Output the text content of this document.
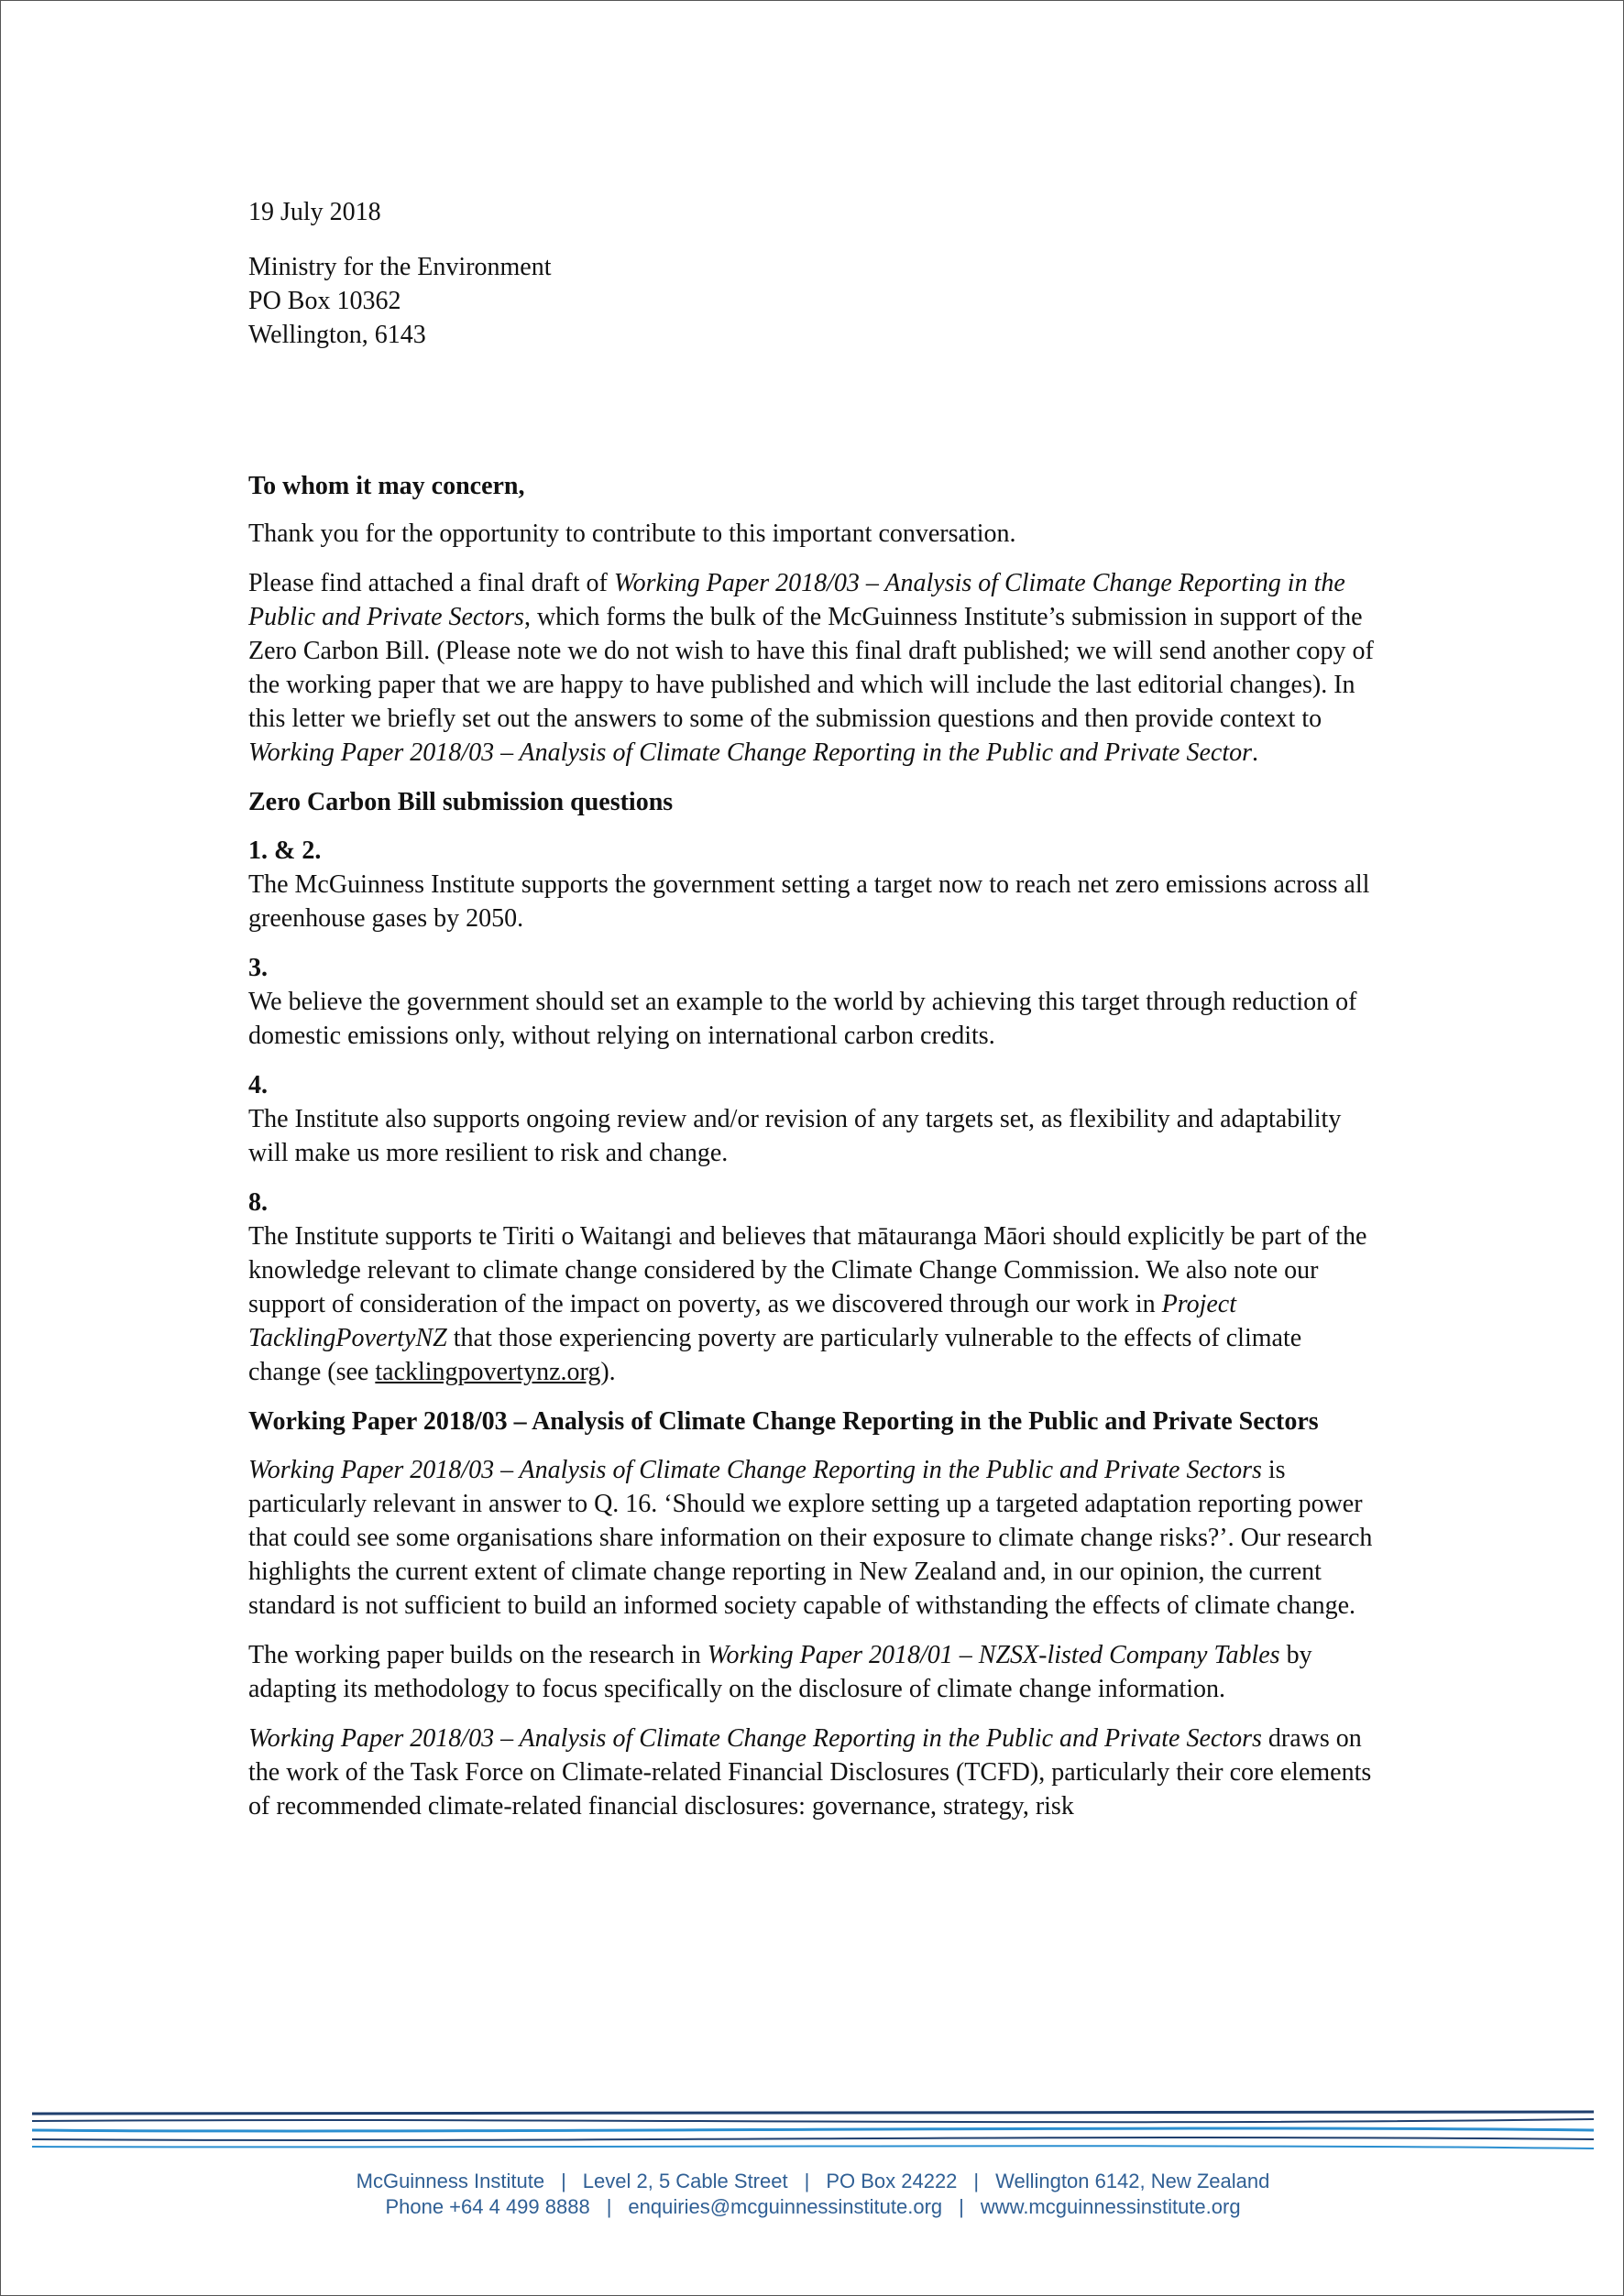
19 July 2018
Ministry for the Environment
PO Box 10362
Wellington, 6143
To whom it may concern,

Thank you for the opportunity to contribute to this important conversation.

Please find attached a final draft of Working Paper 2018/03 – Analysis of Climate Change Reporting in the Public and Private Sectors, which forms the bulk of the McGuinness Institute’s submission in support of the Zero Carbon Bill. (Please note we do not wish to have this final draft published; we will send another copy of the working paper that we are happy to have published and which will include the last editorial changes). In this letter we briefly set out the answers to some of the submission questions and then provide context to Working Paper 2018/03 – Analysis of Climate Change Reporting in the Public and Private Sector.

Zero Carbon Bill submission questions
1. & 2.
The McGuinness Institute supports the government setting a target now to reach net zero emissions across all greenhouse gases by 2050.
3.
We believe the government should set an example to the world by achieving this target through reduction of domestic emissions only, without relying on international carbon credits.
4.
The Institute also supports ongoing review and/or revision of any targets set, as flexibility and adaptability will make us more resilient to risk and change.
8.
The Institute supports te Tiriti o Waitangi and believes that mātauranga Māori should explicitly be part of the knowledge relevant to climate change considered by the Climate Change Commission. We also note our support of consideration of the impact on poverty, as we discovered through our work in Project TacklingPovertyNZ that those experiencing poverty are particularly vulnerable to the effects of climate change (see tacklingpovertynz.org).
Working Paper 2018/03 – Analysis of Climate Change Reporting in the Public and Private Sectors

Working Paper 2018/03 – Analysis of Climate Change Reporting in the Public and Private Sectors is particularly relevant in answer to Q. 16. ‘Should we explore setting up a targeted adaptation reporting power that could see some organisations share information on their exposure to climate change risks?’. Our research highlights the current extent of climate change reporting in New Zealand and, in our opinion, the current standard is not sufficient to build an informed society capable of withstanding the effects of climate change.

The working paper builds on the research in Working Paper 2018/01 – NZSX-listed Company Tables by adapting its methodology to focus specifically on the disclosure of climate change information.

Working Paper 2018/03 – Analysis of Climate Change Reporting in the Public and Private Sectors draws on the work of the Task Force on Climate-related Financial Disclosures (TCFD), particularly their core elements of recommended climate-related financial disclosures: governance, strategy, risk

McGuinness Institute | Level 2, 5 Cable Street | PO Box 24222 | Wellington 6142, New Zealand
Phone +64 4 499 8888 | enquiries@mcguinnessinstitute.org | www.mcguinnessinstitute.org
